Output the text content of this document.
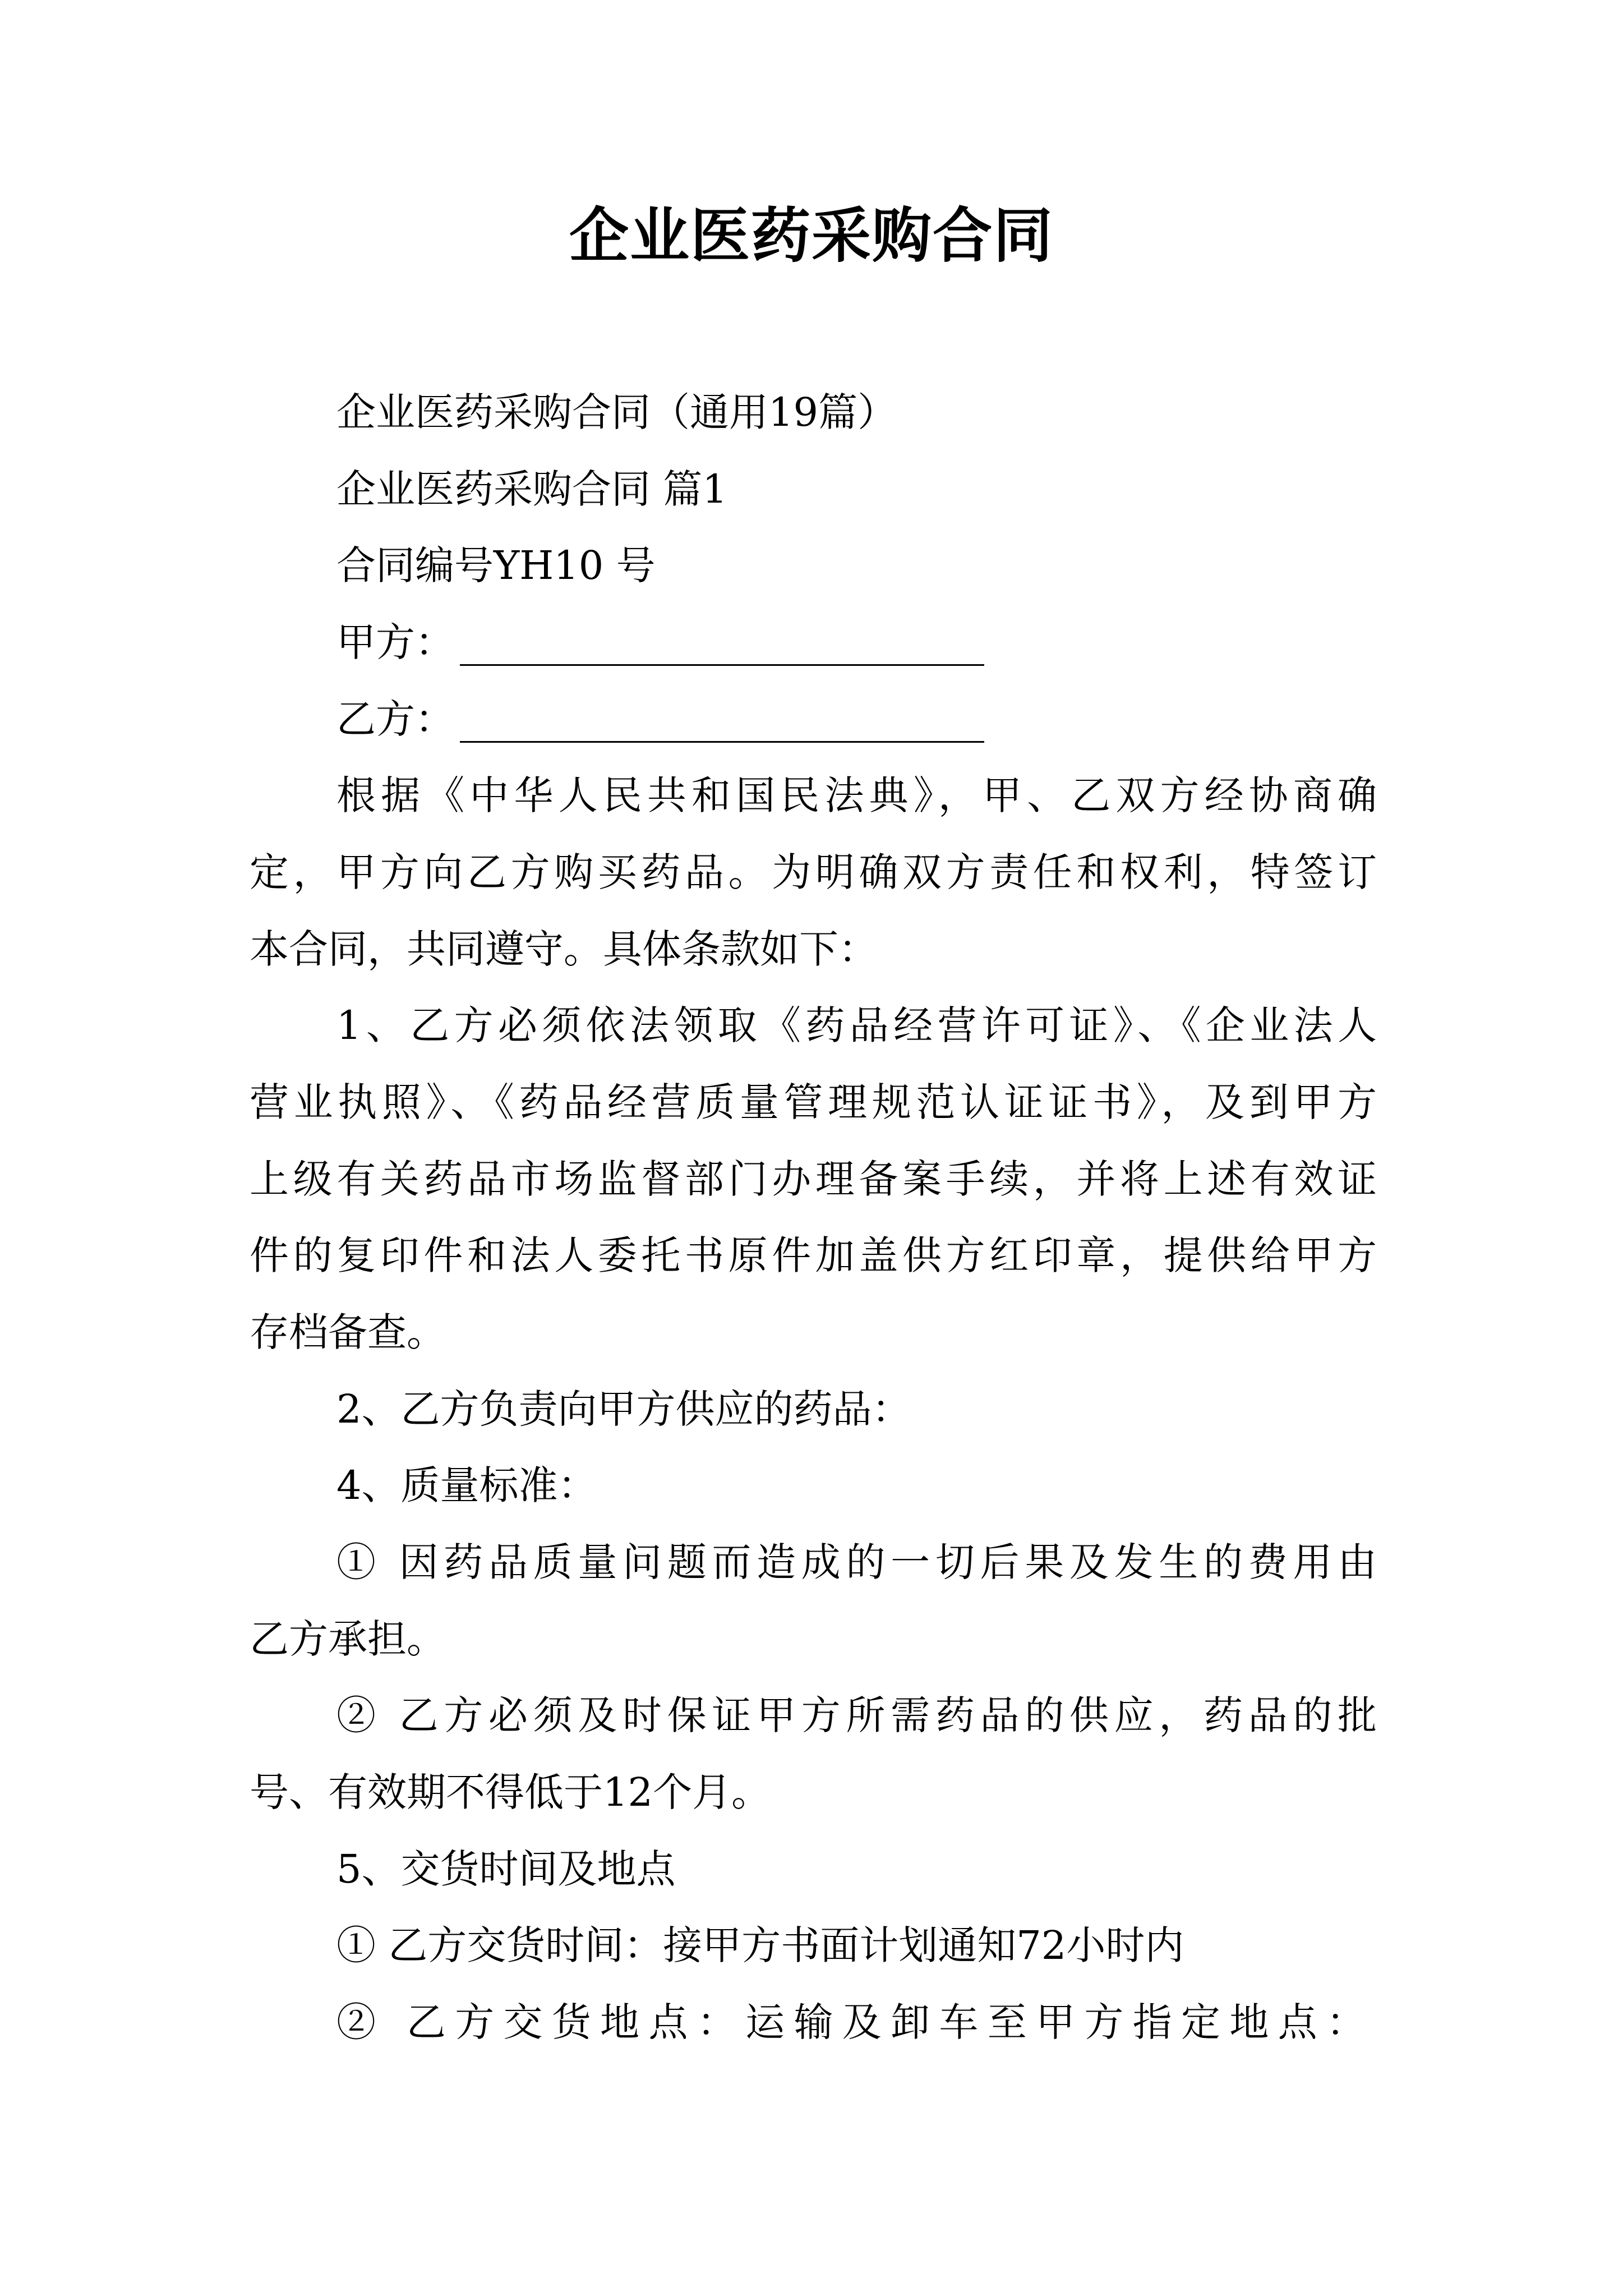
企业医药采购合同
企业医药采购合同（通用19篇）
企业医药采购合同 篇1
合同编号YH10 号
甲方：
乙方：
根据《中华人民共和国民法典》，甲、乙双方经协商确
定，甲方向乙方购买药品。为明确双方责任和权利，特签订
本合同，共同遵守。具体条款如下：
1、乙方必须依法领取《药品经营许可证》、《企业法人
营业执照》、《药品经营质量管理规范认证证书》，及到甲方
上级有关药品市场监督部门办理备案手续，并将上述有效证
件的复印件和法人委托书原件加盖供方红印章，提供给甲方
存档备查。
2、乙方负责向甲方供应的药品：
4、质量标准：
① 因药品质量问题而造成的一切后果及发生的费用由
乙方承担。
② 乙方必须及时保证甲方所需药品的供应，药品的批
号、有效期不得低于12个月。
5、交货时间及地点
① 乙方交货时间：接甲方书面计划通知72小时内
② 乙方交货地点：运输及卸车至甲方指定地点：
